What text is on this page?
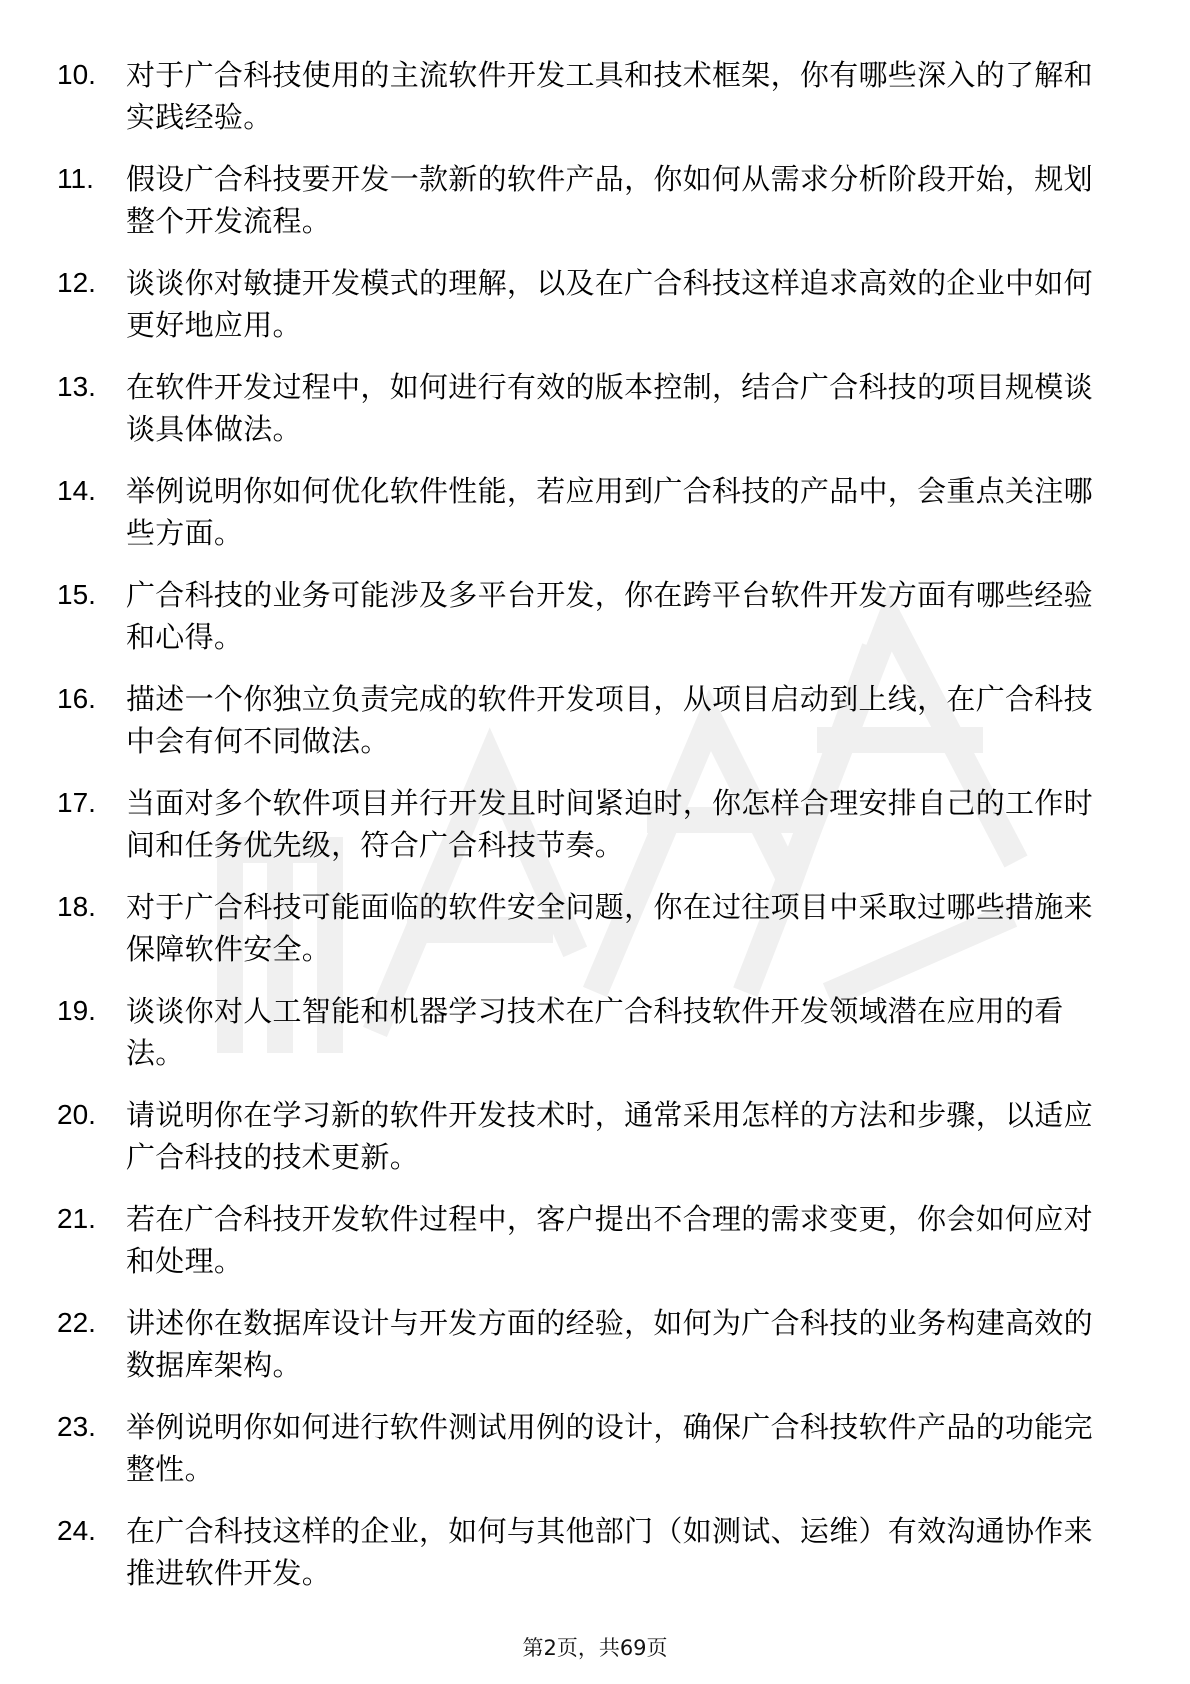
10.	对于广合科技使用的主流软件开发工具和技术框架，你有哪些深入的了解和实践经验。
11.	假设广合科技要开发一款新的软件产品，你如何从需求分析阶段开始，规划整个开发流程。
12.	谈谈你对敏捷开发模式的理解，以及在广合科技这样追求高效的企业中如何更好地应用。
13.	在软件开发过程中，如何进行有效的版本控制，结合广合科技的项目规模谈谈具体做法。
14.	举例说明你如何优化软件性能，若应用到广合科技的产品中，会重点关注哪些方面。
15.	广合科技的业务可能涉及多平台开发，你在跨平台软件开发方面有哪些经验和心得。
16.	描述一个你独立负责完成的软件开发项目，从项目启动到上线，在广合科技中会有何不同做法。
17.	当面对多个软件项目并行开发且时间紧迫时，你怎样合理安排自己的工作时间和任务优先级，符合广合科技节奏。
18.	对于广合科技可能面临的软件安全问题，你在过往项目中采取过哪些措施来保障软件安全。
19.	谈谈你对人工智能和机器学习技术在广合科技软件开发领域潜在应用的看法。
20.	请说明你在学习新的软件开发技术时，通常采用怎样的方法和步骤，以适应广合科技的技术更新。
21.	若在广合科技开发软件过程中，客户提出不合理的需求变更，你会如何应对和处理。
22.	讲述你在数据库设计与开发方面的经验，如何为广合科技的业务构建高效的数据库架构。
23.	举例说明你如何进行软件测试用例的设计，确保广合科技软件产品的功能完整性。
24.	在广合科技这样的企业，如何与其他部门（如测试、运维）有效沟通协作来推进软件开发。
第2页，共69页
